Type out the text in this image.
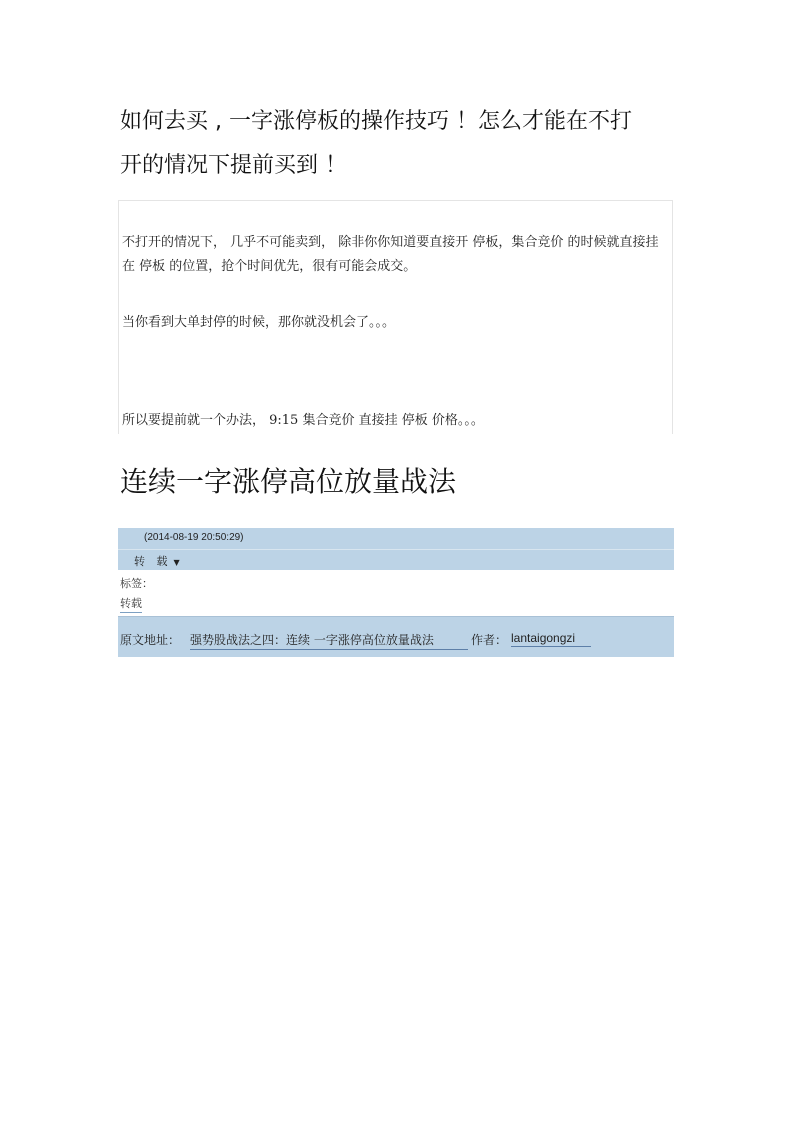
如何去买 , 一字涨停板的操作技巧 ！怎么才能在不打
开的情况下提前买到 ！
不打开的情况下， 几乎不可能卖到， 除非你你知道要直接开 停板，集合竞价 的时候就直接挂在 停板 的位置，抢个时间优先，很有可能会成交。
当你看到大单封停的时候，那你就没机会了。。。
所以要提前就一个办法， 9:15 集合竞价 直接挂 停板 价格。。。
连续一字涨停高位放量战法
(2014-08-19 20:50:29)
转 载 ▼
标签：
转载
原文地址： 强势股战法之四：连续 一字涨停高位放量战法	作者： lantaigongzi
